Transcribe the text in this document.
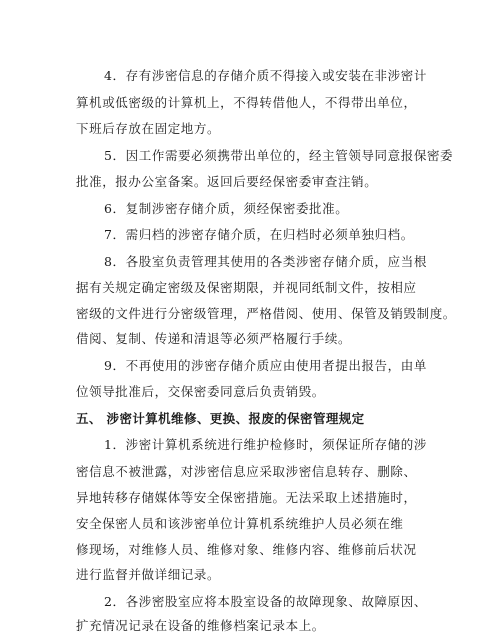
4．存有涉密信息的存储介质不得接入或安装在非涉密计
算机或低密级的计算机上，不得转借他人，不得带出单位，
下班后存放在固定地方。
5．因工作需要必须携带出单位的，经主管领导同意报保密委
批准，报办公室备案。返回后要经保密委审查注销。
6．复制涉密存储介质，须经保密委批准。
7．需归档的涉密存储介质，在归档时必须单独归档。
8．各股室负责管理其使用的各类涉密存储介质，应当根
据有关规定确定密级及保密期限，并视同纸制文件，按相应
密级的文件进行分密级管理，严格借阅、使用、保管及销毁制度。
借阅、复制、传递和清退等必须严格履行手续。
9．不再使用的涉密存储介质应由使用者提出报告，由单
位领导批准后，交保密委同意后负责销毁。
五、 涉密计算机维修、更换、报废的保密管理规定
1．涉密计算机系统进行维护检修时，须保证所存储的涉
密信息不被泄露，对涉密信息应采取涉密信息转存、删除、
异地转移存储媒体等安全保密措施。无法采取上述措施时，
安全保密人员和该涉密单位计算机系统维护人员必须在维
修现场，对维修人员、维修对象、维修内容、维修前后状况
进行监督并做详细记录。
2．各涉密股室应将本股室设备的故障现象、故障原因、
扩充情况记录在设备的维修档案记录本上。
